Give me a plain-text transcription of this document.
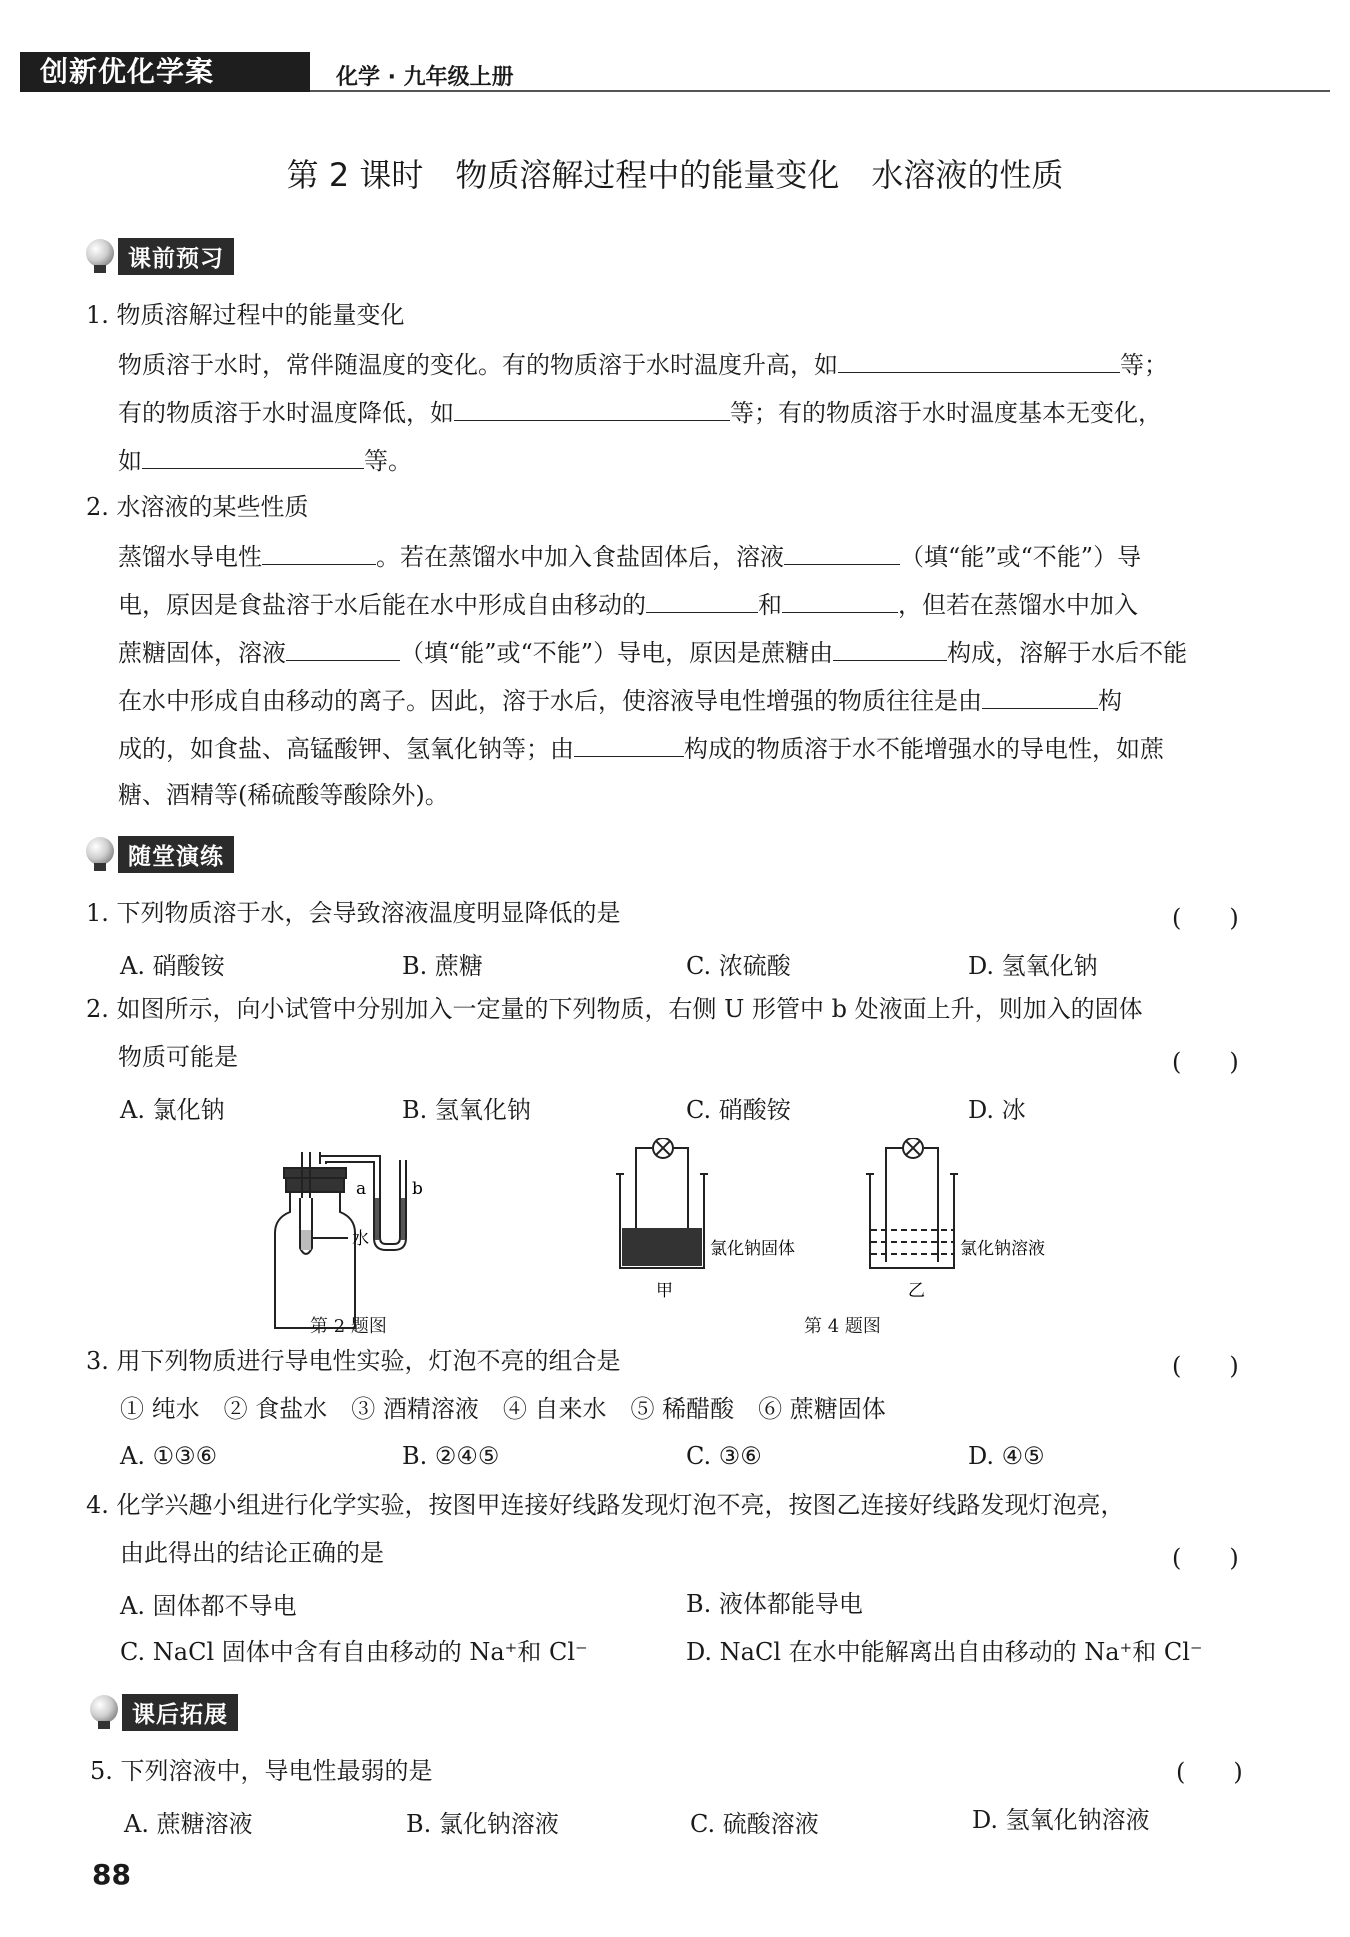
创新优化学案	化学 · 九年级上册
第 2 课时　物质溶解过程中的能量变化　水溶液的性质
课前预习
1. 物质溶解过程中的能量变化
物质溶于水时，常伴随温度的变化。有的物质溶于水时温度升高，如	等；
有的物质溶于水时温度降低，如	等；有的物质溶于水时温度基本无变化，
如	等。
2. 水溶液的某些性质
蒸馏水导电性	。若在蒸馏水中加入食盐固体后，溶液	（填“能”或“不能”）导
电，原因是食盐溶于水后能在水中形成自由移动的	和	，但若在蒸馏水中加入
蔗糖固体，溶液	（填“能”或“不能”）导电，原因是蔗糖由	构成，溶解于水后不能
在水中形成自由移动的离子。因此，溶于水后，使溶液导电性增强的物质往往是由	构
成的，如食盐、高锰酸钾、氢氧化钠等；由	构成的物质溶于水不能增强水的导电性，如蔗
糖、酒精等(稀硫酸等酸除外)。
随堂演练
1. 下列物质溶于水，会导致溶液温度明显降低的是	(　　)
A. 硝酸铵	B. 蔗糖	C. 浓硫酸	D. 氢氧化钠
2. 如图所示，向小试管中分别加入一定量的下列物质，右侧 U 形管中 b 处液面上升，则加入的固体
物质可能是	(　　)
A. 氯化钠	B. 氢氧化钠	C. 硝酸铵	D. 冰
a	b
水	氯化钠固体
甲
氯化钠溶液
乙
第 2 题图	第 4 题图
3. 用下列物质进行导电性实验，灯泡不亮的组合是	(　　)
① 纯水　② 食盐水　③ 酒精溶液　④ 自来水　⑤ 稀醋酸　⑥ 蔗糖固体
A. ①③⑥	B. ②④⑤	C. ③⑥	D. ④⑤
4. 化学兴趣小组进行化学实验，按图甲连接好线路发现灯泡不亮，按图乙连接好线路发现灯泡亮，
由此得出的结论正确的是	(　　)
A. 固体都不导电	B. 液体都能导电
C. NaCl 固体中含有自由移动的 Na⁺和 Cl⁻	D. NaCl 在水中能解离出自由移动的 Na⁺和 Cl⁻
课后拓展
5. 下列溶液中，导电性最弱的是	(　　)
A. 蔗糖溶液	B. 氯化钠溶液	C. 硫酸溶液	D. 氢氧化钠溶液
88
